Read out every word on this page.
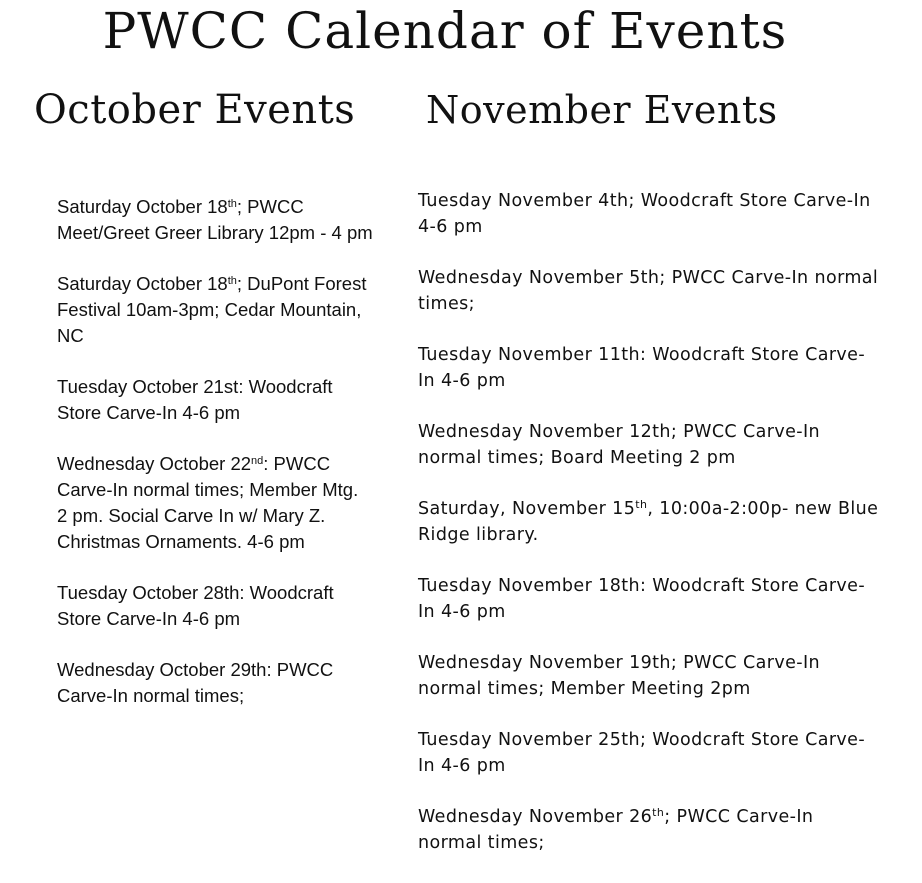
PWCC Calendar of Events
October Events November Events
Saturday October 18th; PWCC Meet/Greet Greer Library 12pm - 4 pm
Saturday October 18th; DuPont Forest Festival 10am-3pm; Cedar Mountain, NC
Tuesday October 21st: Woodcraft Store Carve-In 4-6 pm
Wednesday October 22nd: PWCC Carve-In normal times; Member Mtg. 2 pm. Social Carve In w/ Mary Z. Christmas Ornaments. 4-6 pm
Tuesday October 28th: Woodcraft Store Carve-In 4-6 pm
Wednesday October 29th: PWCC Carve-In normal times;
Tuesday November 4th; Woodcraft Store Carve-In 4-6 pm
Wednesday November 5th; PWCC Carve-In normal times;
Tuesday November 11th: Woodcraft Store Carve-In 4-6 pm
Wednesday November 12th; PWCC Carve-In normal times; Board Meeting 2 pm
Saturday, November 15th, 10:00a-2:00p- new Blue Ridge library.
Tuesday November 18th: Woodcraft Store Carve-In 4-6 pm
Wednesday November 19th; PWCC Carve-In normal times; Member Meeting 2pm
Tuesday November 25th; Woodcraft Store Carve-In 4-6 pm
Wednesday November 26th; PWCC Carve-In normal times;
